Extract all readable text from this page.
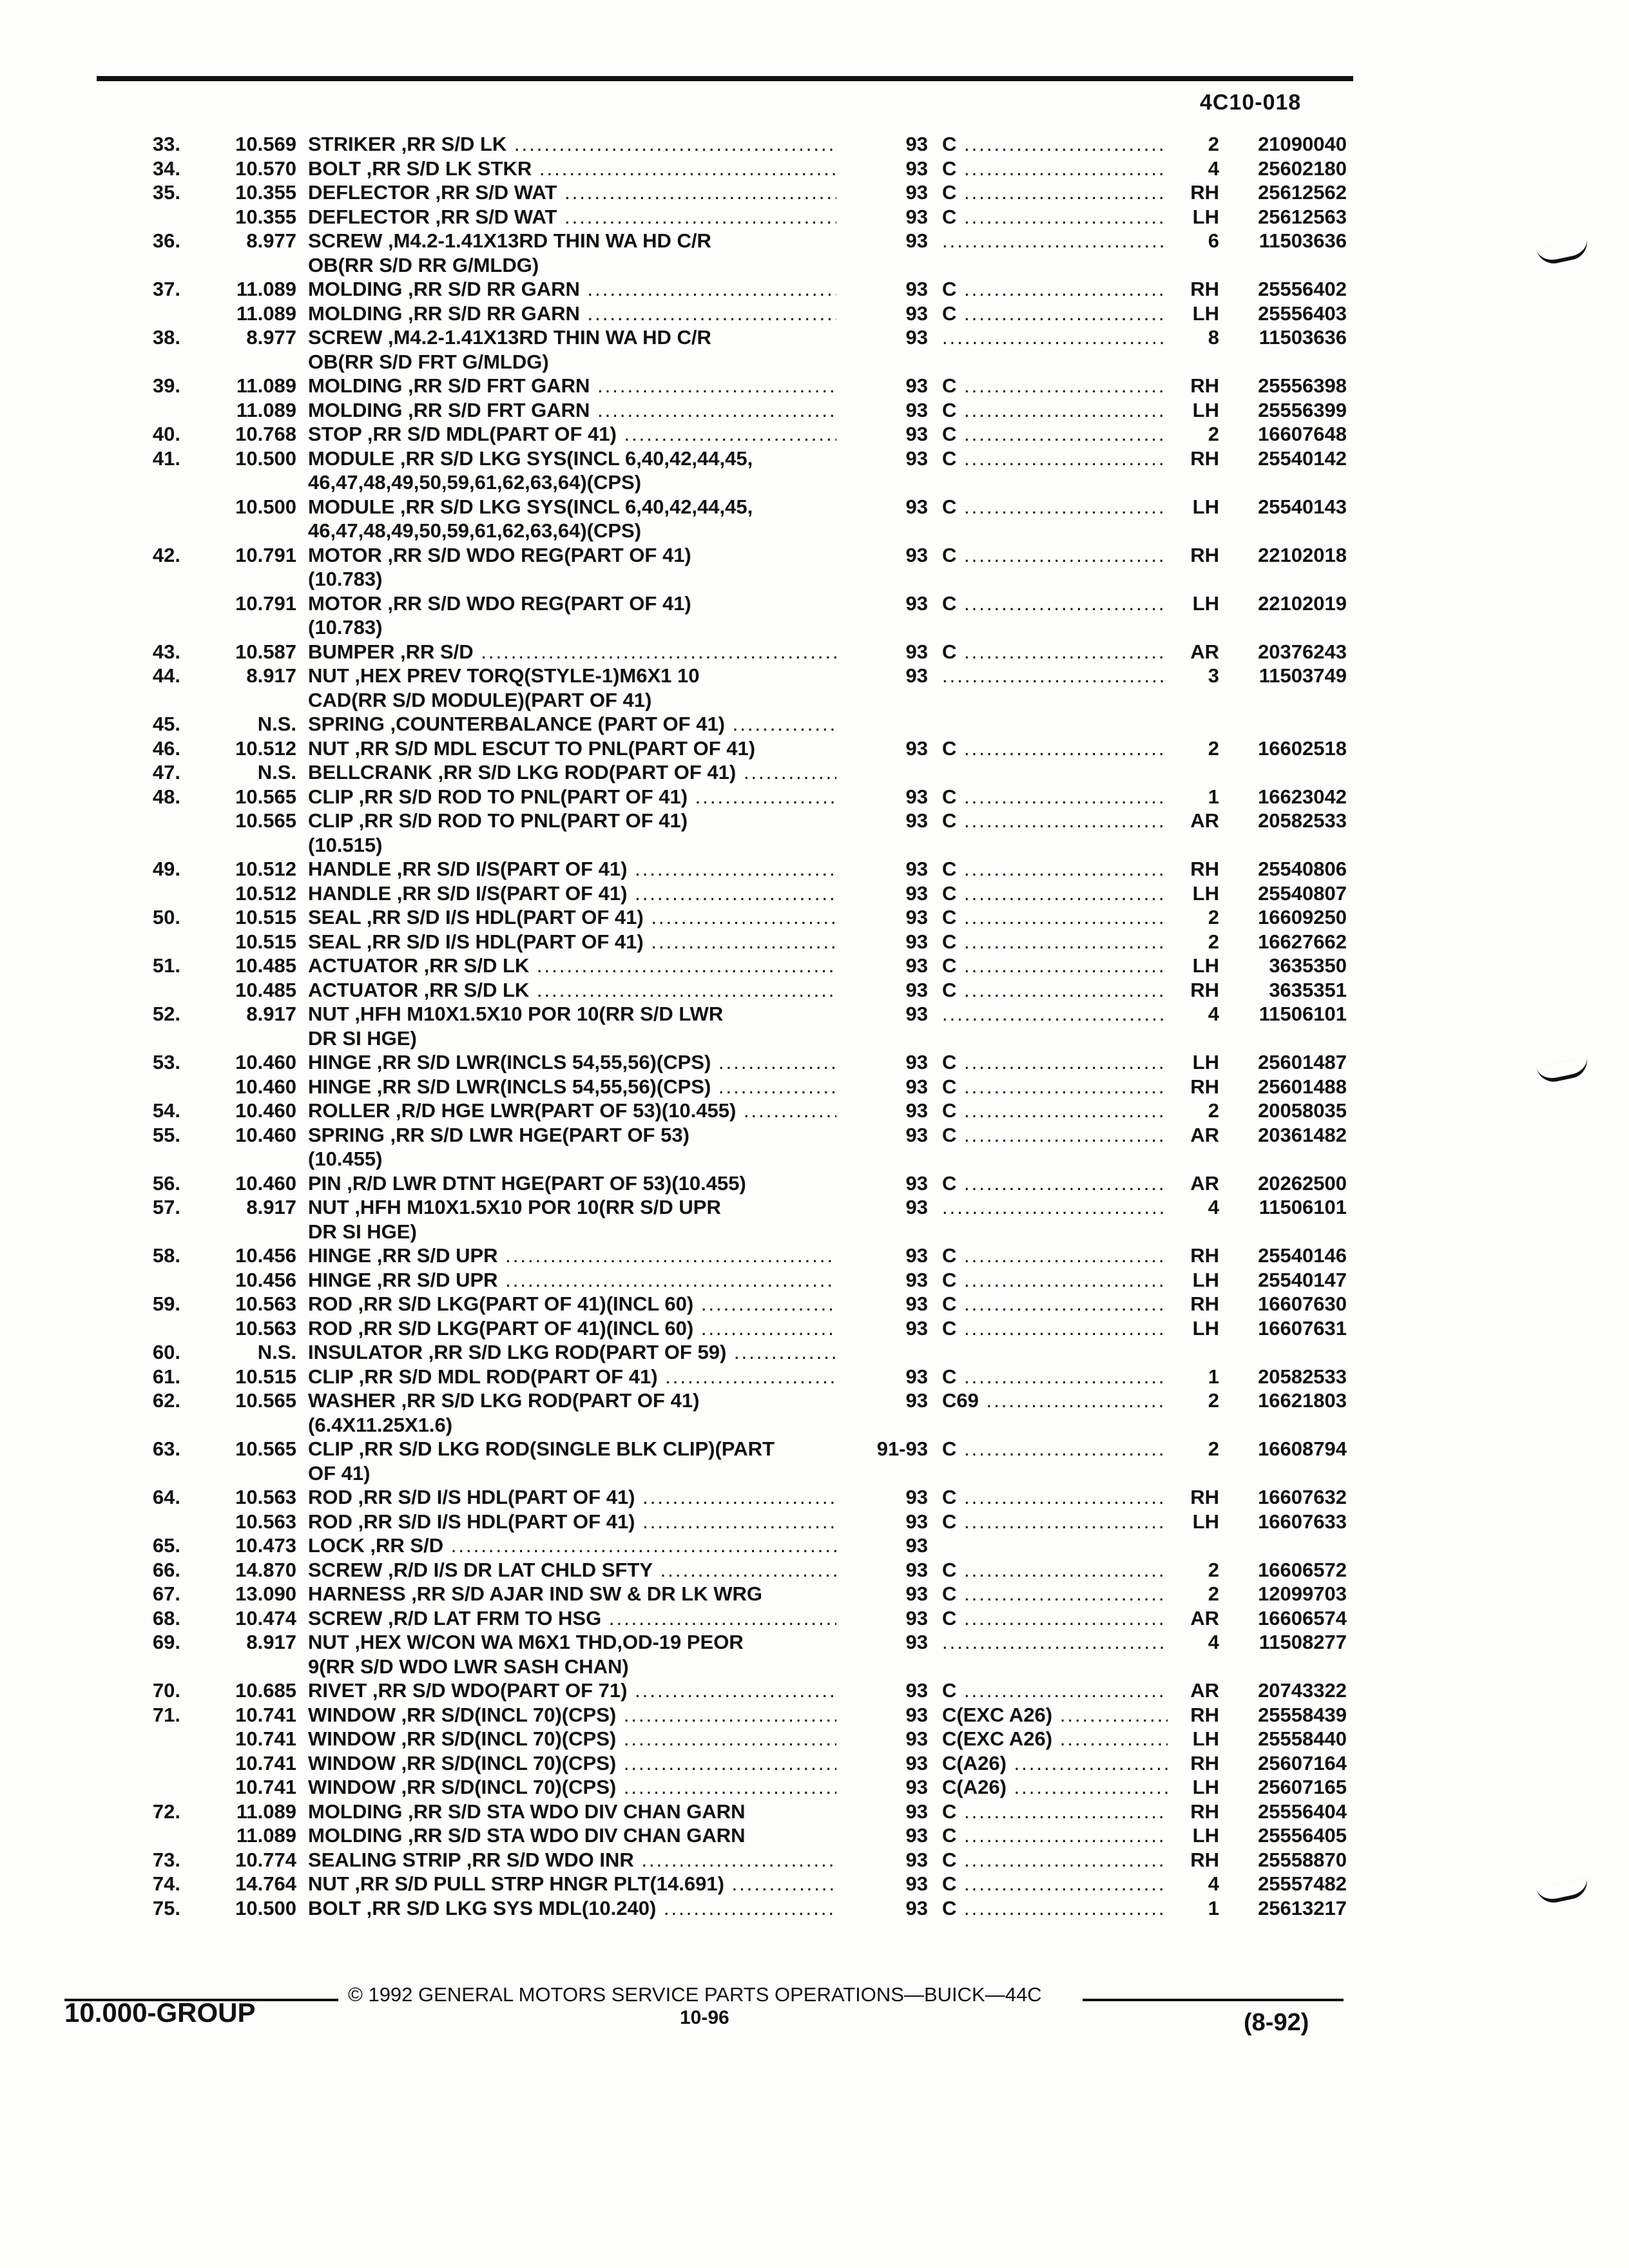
4C10-018
33.	10.569 STRIKER ,RR S/D LK .....	93 C .....	2	21090040
34.	10.570 BOLT ,RR S/D LK STKR .....	93 C .....	4	25602180
35.	10.355 DEFLECTOR ,RR S/D WAT .....	93 C .....	RH	25612562
10.355 DEFLECTOR ,RR S/D WAT .....	93 C .....	LH	25612563
36.	8.977 SCREW ,M4.2-1.41X13RD THIN WA HD C/R	93 .....	6	11503636
OB(RR S/D RR G/MLDG)
37.	11.089 MOLDING ,RR S/D RR GARN .....	93 C .....	RH	25556402
11.089 MOLDING ,RR S/D RR GARN .....	93 C .....	LH	25556403
38.	8.977 SCREW ,M4.2-1.41X13RD THIN WA HD C/R	93 .....	8	11503636
OB(RR S/D FRT G/MLDG)
39.	11.089 MOLDING ,RR S/D FRT GARN .....	93 C .....	RH	25556398
11.089 MOLDING ,RR S/D FRT GARN .....	93 C .....	LH	25556399
40.	10.768 STOP ,RR S/D MDL(PART OF 41) .....	93 C .....	2	16607648
41.	10.500 MODULE ,RR S/D LKG SYS(INCL 6,40,42,44,45,	93 C .....	RH	25540142
46,47,48,49,50,59,61,62,63,64)(CPS)
10.500 MODULE ,RR S/D LKG SYS(INCL 6,40,42,44,45,	93 C .....	LH	25540143
46,47,48,49,50,59,61,62,63,64)(CPS)
42.	10.791 MOTOR ,RR S/D WDO REG(PART OF 41)	93 C .....	RH	22102018
(10.783)
10.791 MOTOR ,RR S/D WDO REG(PART OF 41)	93 C .....	LH	22102019
(10.783)
43.	10.587 BUMPER ,RR S/D .....	93 C .....	AR	20376243
44.	8.917 NUT ,HEX PREV TORQ(STYLE-1)M6X1 10	93 .....	3	11503749
CAD(RR S/D MODULE)(PART OF 41)
45.	N.S. SPRING ,COUNTERBALANCE (PART OF 41) .....
46.	10.512 NUT ,RR S/D MDL ESCUT TO PNL(PART OF 41)	93 C .....	2	16602518
47.	N.S. BELLCRANK ,RR S/D LKG ROD(PART OF 41) .....
48.	10.565 CLIP ,RR S/D ROD TO PNL(PART OF 41) .....	93 C .....	1	16623042
10.565 CLIP ,RR S/D ROD TO PNL(PART OF 41)	93 C .....	AR	20582533
(10.515)
49.	10.512 HANDLE ,RR S/D I/S(PART OF 41) .....	93 C .....	RH	25540806
10.512 HANDLE ,RR S/D I/S(PART OF 41) .....	93 C .....	LH	25540807
50.	10.515 SEAL ,RR S/D I/S HDL(PART OF 41) .....	93 C .....	2	16609250
10.515 SEAL ,RR S/D I/S HDL(PART OF 41) .....	93 C .....	2	16627662
51.	10.485 ACTUATOR ,RR S/D LK .....	93 C .....	LH	3635350
10.485 ACTUATOR ,RR S/D LK .....	93 C .....	RH	3635351
52.	8.917 NUT ,HFH M10X1.5X10 POR 10(RR S/D LWR	93 .....	4	11506101
DR SI HGE)
53.	10.460 HINGE ,RR S/D LWR(INCLS 54,55,56)(CPS) .....	93 C .....	LH	25601487
10.460 HINGE ,RR S/D LWR(INCLS 54,55,56)(CPS) .....	93 C .....	RH	25601488
54.	10.460 ROLLER ,R/D HGE LWR(PART OF 53)(10.455) .....	93 C .....	2	20058035
55.	10.460 SPRING ,RR S/D LWR HGE(PART OF 53)	93 C .....	AR	20361482
(10.455)
56.	10.460 PIN ,R/D LWR DTNT HGE(PART OF 53)(10.455)	93 C .....	AR	20262500
57.	8.917 NUT ,HFH M10X1.5X10 POR 10(RR S/D UPR	93 .....	4	11506101
DR SI HGE)
58.	10.456 HINGE ,RR S/D UPR .....	93 C .....	RH	25540146
10.456 HINGE ,RR S/D UPR .....	93 C .....	LH	25540147
59.	10.563 ROD ,RR S/D LKG(PART OF 41)(INCL 60) .....	93 C .....	RH	16607630
10.563 ROD ,RR S/D LKG(PART OF 41)(INCL 60) .....	93 C .....	LH	16607631
60.	N.S. INSULATOR ,RR S/D LKG ROD(PART OF 59) .....
61.	10.515 CLIP ,RR S/D MDL ROD(PART OF 41) .....	93 C .....	1	20582533
62.	10.565 WASHER ,RR S/D LKG ROD(PART OF 41)	93 C69 .....	2	16621803
(6.4X11.25X1.6)
63.	10.565 CLIP ,RR S/D LKG ROD(SINGLE BLK CLIP)(PART	91-93 C .....	2	16608794
OF 41)
64.	10.563 ROD ,RR S/D I/S HDL(PART OF 41) .....	93 C .....	RH	16607632
10.563 ROD ,RR S/D I/S HDL(PART OF 41) .....	93 C .....	LH	16607633
65.	10.473 LOCK ,RR S/D .....	93
66.	14.870 SCREW ,R/D I/S DR LAT CHLD SFTY .....	93 C .....	2	16606572
67.	13.090 HARNESS ,RR S/D AJAR IND SW & DR LK WRG	93 C .....	2	12099703
68.	10.474 SCREW ,R/D LAT FRM TO HSG .....	93 C .....	AR	16606574
69.	8.917 NUT ,HEX W/CON WA M6X1 THD,OD-19 PEOR	93 .....	4	11508277
9(RR S/D WDO LWR SASH CHAN)
70.	10.685 RIVET ,RR S/D WDO(PART OF 71) .....	93 C .....	AR	20743322
71.	10.741 WINDOW ,RR S/D(INCL 70)(CPS) .....	93 C(EXC A26) .....	RH	25558439
10.741 WINDOW ,RR S/D(INCL 70)(CPS) .....	93 C(EXC A26) .....	LH	25558440
10.741 WINDOW ,RR S/D(INCL 70)(CPS) .....	93 C(A26) .....	RH	25607164
10.741 WINDOW ,RR S/D(INCL 70)(CPS) .....	93 C(A26) .....	LH	25607165
72.	11.089 MOLDING ,RR S/D STA WDO DIV CHAN GARN	93 C .....	RH	25556404
11.089 MOLDING ,RR S/D STA WDO DIV CHAN GARN	93 C .....	LH	25556405
73.	10.774 SEALING STRIP ,RR S/D WDO INR .....	93 C .....	RH	25558870
74.	14.764 NUT ,RR S/D PULL STRP HNGR PLT(14.691) .....	93 C .....	4	25557482
75.	10.500 BOLT ,RR S/D LKG SYS MDL(10.240) .....	93 C .....	1	25613217
© 1992 GENERAL MOTORS SERVICE PARTS OPERATIONS—BUICK—44C
10.000-GROUP	10-96	(8-92)
